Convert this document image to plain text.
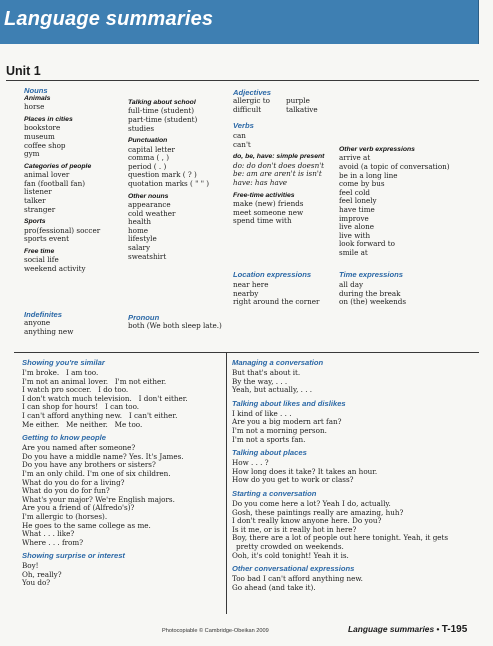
Language summaries
Unit 1
Nouns
Animals
horse
Places in cities
bookstore
museum
coffee shop
gym
Categories of people
animal lover
fan (football fan)
listener
talker
stranger
Sports
pro(fessional) soccer
sports event
Free time
social life
weekend activity
Indefinites
anyone
anything new
Talking about school
full-time (student)
part-time (student)
studies
Punctuation
capital letter
comma ( , )
period ( . )
question mark ( ? )
quotation marks ( " " )
Other nouns
appearance
cold weather
health
home
lifestyle
salary
sweatshirt
Pronoun
both (We both sleep late.)
Adjectives
allergic to
difficult
purple
talkative
Verbs
can
can't
do, be, have: simple present
do: do don't does doesn't
be: am are aren't is isn't
have: has have
Free-time activities
make (new) friends
meet someone new
spend time with
Location expressions
near here
nearby
right around the corner
Other verb expressions
arrive at
avoid (a topic of conversation)
be in a long line
come by bus
feel cold
feel lonely
have time
improve
live alone
live with
look forward to
smile at
Time expressions
all day
during the break
on (the) weekends
Showing you're similar
I'm broke. I am too.
I'm not an animal lover. I'm not either.
I watch pro soccer. I do too.
I don't watch much television. I don't either.
I can shop for hours! I can too.
I can't afford anything new. I can't either.
Me either. Me neither. Me too.
Getting to know people
Are you named after someone?
Do you have a middle name? Yes. It's James.
Do you have any brothers or sisters?
I'm an only child. I'm one of six children.
What do you do for a living?
What do you do for fun?
What's your major? We're English majors.
Are you a friend of (Alfredo's)?
I'm allergic to (horses).
He goes to the same college as me.
What . . . like?
Where . . . from?
Showing surprise or interest
Boy!
Oh, really?
You do?
Managing a conversation
But that's about it.
By the way, . . .
Yeah, but actually, . . .
Talking about likes and dislikes
I kind of like . . .
Are you a big modern art fan?
I'm not a morning person.
I'm not a sports fan.
Talking about places
How . . . ?
How long does it take? It takes an hour.
How do you get to work or class?
Starting a conversation
Do you come here a lot? Yeah I do, actually.
Gosh, these paintings really are amazing, huh?
I don't really know anyone here. Do you?
Is it me, or is it really hot in here?
Boy, there are a lot of people out here tonight. Yeah, it gets
pretty crowded on weekends.
Ooh, it's cold tonight! Yeah it is.
Other conversational expressions
Too bad I can't afford anything new.
Go ahead (and take it).
Photocopiable © Cambridge-Obeikan 2009	Language summaries • T-195
